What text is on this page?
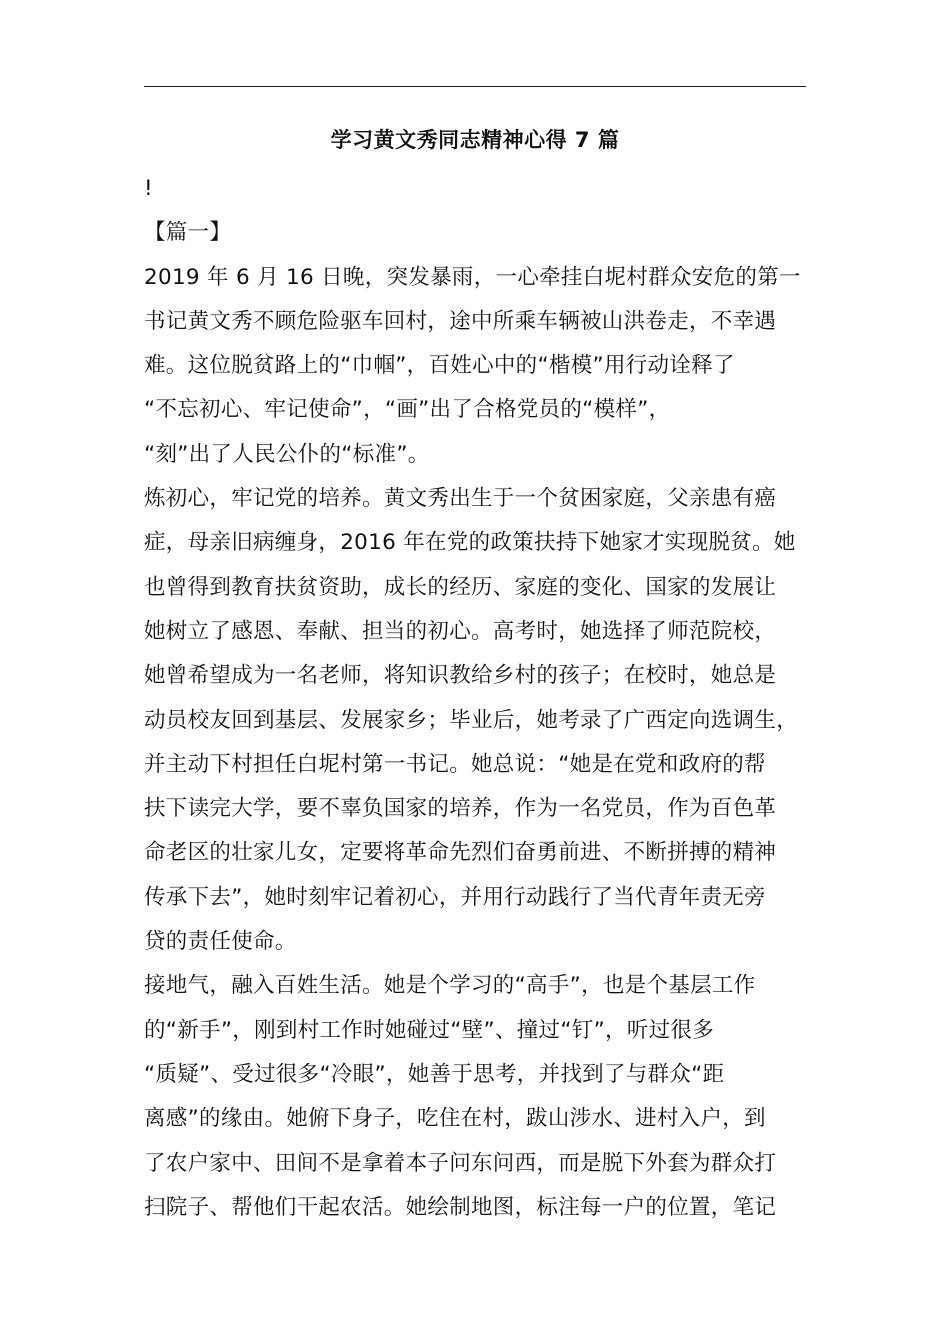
学习黄文秀同志精神心得 7 篇
!
【篇一】
2019 年 6 月 16 日晚，突发暴雨，一心牵挂白坭村群众安危的第一
书记黄文秀不顾危险驱车回村，途中所乘车辆被山洪卷走，不幸遇
难。这位脱贫路上的“巾帼”，百姓心中的“楷模”用行动诠释了
“不忘初心、牢记使命”，“画”出了合格党员的“模样”，
“刻”出了人民公仆的“标准”。
炼初心，牢记党的培养。黄文秀出生于一个贫困家庭，父亲患有癌
症，母亲旧病缠身，2016 年在党的政策扶持下她家才实现脱贫。她
也曾得到教育扶贫资助，成长的经历、家庭的变化、国家的发展让
她树立了感恩、奉献、担当的初心。高考时，她选择了师范院校，
她曾希望成为一名老师，将知识教给乡村的孩子；在校时，她总是
动员校友回到基层、发展家乡；毕业后，她考录了广西定向选调生，
并主动下村担任白坭村第一书记。她总说：“她是在党和政府的帮
扶下读完大学，要不辜负国家的培养，作为一名党员，作为百色革
命老区的壮家儿女，定要将革命先烈们奋勇前进、不断拼搏的精神
传承下去”，她时刻牢记着初心，并用行动践行了当代青年责无旁
贷的责任使命。
接地气，融入百姓生活。她是个学习的“高手”，也是个基层工作
的“新手”，刚到村工作时她碰过“壁”、撞过“钉”，听过很多
“质疑”、受过很多“冷眼”，她善于思考，并找到了与群众“距
离感”的缘由。她俯下身子，吃住在村，跋山涉水、进村入户，到
了农户家中、田间不是拿着本子问东问西，而是脱下外套为群众打
扫院子、帮他们干起农活。她绘制地图，标注每一户的位置，笔记
